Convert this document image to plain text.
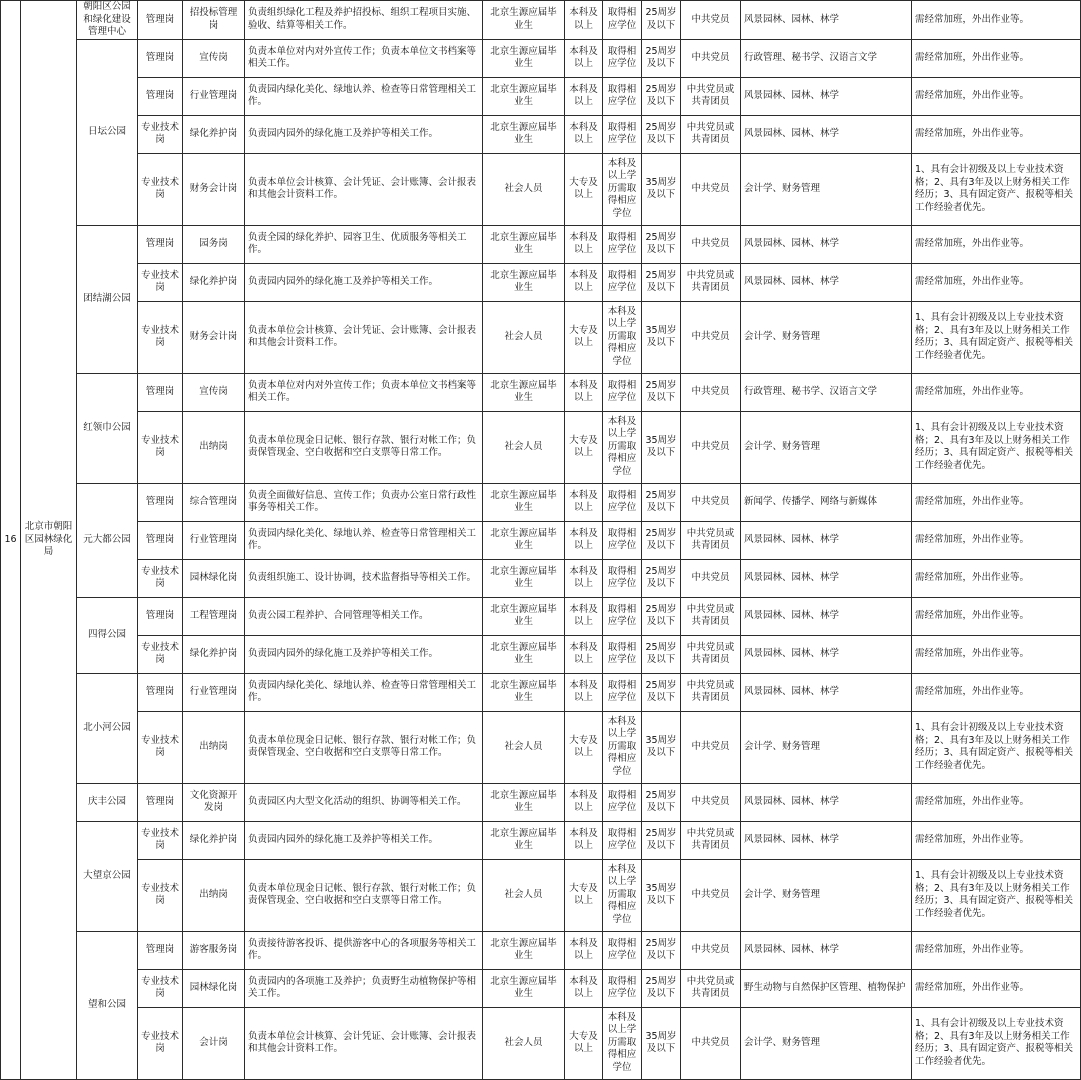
16	北京市朝阳区园林绿化局	朝阳区公园和绿化建设管理中心	管理岗	招投标管理岗	负责组织绿化工程及养护招投标、组织工程项目实施、验收、结算等相关工作。	北京生源应届毕业生	本科及以上	取得相应学位	25周岁及以下	中共党员	风景园林、园林、林学	需经常加班，外出作业等。
		日坛公园	管理岗	宣传岗	负责本单位对内对外宣传工作；负责本单位文书档案等相关工作。	北京生源应届毕业生	本科及以上	取得相应学位	25周岁及以下	中共党员	行政管理、秘书学、汉语言文学	需经常加班，外出作业等。
			管理岗	行业管理岗	负责园内绿化美化、绿地认养、检查等日常管理相关工作。	北京生源应届毕业生	本科及以上	取得相应学位	25周岁及以下	中共党员或共青团员	风景园林、园林、林学	需经常加班，外出作业等。
			专业技术岗	绿化养护岗	负责园内园外的绿化施工及养护等相关工作。	北京生源应届毕业生	本科及以上	取得相应学位	25周岁及以下	中共党员或共青团员	风景园林、园林、林学	需经常加班，外出作业等。
			专业技术岗	财务会计岗	负责本单位会计核算、会计凭证、会计账簿、会计报表和其他会计资料工作。	社会人员	大专及以上	本科及以上学历需取得相应学位	35周岁及以下	中共党员	会计学、财务管理	1、具有会计初级及以上专业技术资格；2、具有3年及以上财务相关工作经历；3、具有固定资产、报税等相关工作经验者优先。
		团结湖公园	管理岗	园务岗	负责全园的绿化养护、园容卫生、优质服务等相关工作。	北京生源应届毕业生	本科及以上	取得相应学位	25周岁及以下	中共党员	风景园林、园林、林学	需经常加班，外出作业等。
			专业技术岗	绿化养护岗	负责园内园外的绿化施工及养护等相关工作。	北京生源应届毕业生	本科及以上	取得相应学位	25周岁及以下	中共党员或共青团员	风景园林、园林、林学	需经常加班，外出作业等。
			专业技术岗	财务会计岗	负责本单位会计核算、会计凭证、会计账簿、会计报表和其他会计资料工作。	社会人员	大专及以上	本科及以上学历需取得相应学位	35周岁及以下	中共党员	会计学、财务管理	1、具有会计初级及以上专业技术资格；2、具有3年及以上财务相关工作经历；3、具有固定资产、报税等相关工作经验者优先。
		红领巾公园	管理岗	宣传岗	负责本单位对内对外宣传工作；负责本单位文书档案等相关工作。	北京生源应届毕业生	本科及以上	取得相应学位	25周岁及以下	中共党员	行政管理、秘书学、汉语言文学	需经常加班，外出作业等。
			专业技术岗	出纳岗	负责本单位现金日记帐、银行存款、银行对帐工作；负责保管现金、空白收据和空白支票等日常工作。	社会人员	大专及以上	本科及以上学历需取得相应学位	35周岁及以下	中共党员	会计学、财务管理	1、具有会计初级及以上专业技术资格；2、具有3年及以上财务相关工作经历；3、具有固定资产、报税等相关工作经验者优先。
		元大都公园	管理岗	综合管理岗	负责全面做好信息、宣传工作；负责办公室日常行政性事务等相关工作。	北京生源应届毕业生	本科及以上	取得相应学位	25周岁及以下	中共党员	新闻学、传播学、网络与新媒体	需经常加班，外出作业等。
			管理岗	行业管理岗	负责园内绿化美化、绿地认养、检查等日常管理相关工作。	北京生源应届毕业生	本科及以上	取得相应学位	25周岁及以下	中共党员或共青团员	风景园林、园林、林学	需经常加班，外出作业等。
			专业技术岗	园林绿化岗	负责组织施工、设计协调，技术监督指导等相关工作。	北京生源应届毕业生	本科及以上	取得相应学位	25周岁及以下	中共党员	风景园林、园林、林学	需经常加班，外出作业等。
		四得公园	管理岗	工程管理岗	负责公园工程养护、合同管理等相关工作。	北京生源应届毕业生	本科及以上	取得相应学位	25周岁及以下	中共党员或共青团员	风景园林、园林、林学	需经常加班，外出作业等。
			专业技术岗	绿化养护岗	负责园内园外的绿化施工及养护等相关工作。	北京生源应届毕业生	本科及以上	取得相应学位	25周岁及以下	中共党员或共青团员	风景园林、园林、林学	需经常加班，外出作业等。
		北小河公园	管理岗	行业管理岗	负责园内绿化美化、绿地认养、检查等日常管理相关工作。	北京生源应届毕业生	本科及以上	取得相应学位	25周岁及以下	中共党员或共青团员	风景园林、园林、林学	需经常加班，外出作业等。
			专业技术岗	出纳岗	负责本单位现金日记帐、银行存款、银行对帐工作；负责保管现金、空白收据和空白支票等日常工作。	社会人员	大专及以上	本科及以上学历需取得相应学位	35周岁及以下	中共党员	会计学、财务管理	1、具有会计初级及以上专业技术资格；2、具有3年及以上财务相关工作经历；3、具有固定资产、报税等相关工作经验者优先。
		庆丰公园	管理岗	文化资源开发岗	负责园区内大型文化活动的组织、协调等相关工作。	北京生源应届毕业生	本科及以上	取得相应学位	25周岁及以下	中共党员	风景园林、园林、林学	需经常加班，外出作业等。
		大望京公园	专业技术岗	绿化养护岗	负责园内园外的绿化施工及养护等相关工作。	北京生源应届毕业生	本科及以上	取得相应学位	25周岁及以下	中共党员或共青团员	风景园林、园林、林学	需经常加班，外出作业等。
			专业技术岗	出纳岗	负责本单位现金日记帐、银行存款、银行对帐工作；负责保管现金、空白收据和空白支票等日常工作。	社会人员	大专及以上	本科及以上学历需取得相应学位	35周岁及以下	中共党员	会计学、财务管理	1、具有会计初级及以上专业技术资格；2、具有3年及以上财务相关工作经历；3、具有固定资产、报税等相关工作经验者优先。
		望和公园	管理岗	游客服务岗	负责接待游客投诉、提供游客中心的各项服务等相关工作。	北京生源应届毕业生	本科及以上	取得相应学位	25周岁及以下	中共党员	风景园林、园林、林学	需经常加班，外出作业等。
			专业技术岗	园林绿化岗	负责园内的各项施工及养护；负责野生动植物保护等相关工作。	北京生源应届毕业生	本科及以上	取得相应学位	25周岁及以下	中共党员或共青团员	野生动物与自然保护区管理、植物保护	需经常加班，外出作业等。
			专业技术岗	会计岗	负责本单位会计核算、会计凭证、会计账簿、会计报表和其他会计资料工作。	社会人员	大专及以上	本科及以上学历需取得相应学位	35周岁及以下	中共党员	会计学、财务管理	1、具有会计初级及以上专业技术资格；2、具有3年及以上财务相关工作经历；3、具有固定资产、报税等相关工作经验者优先。
